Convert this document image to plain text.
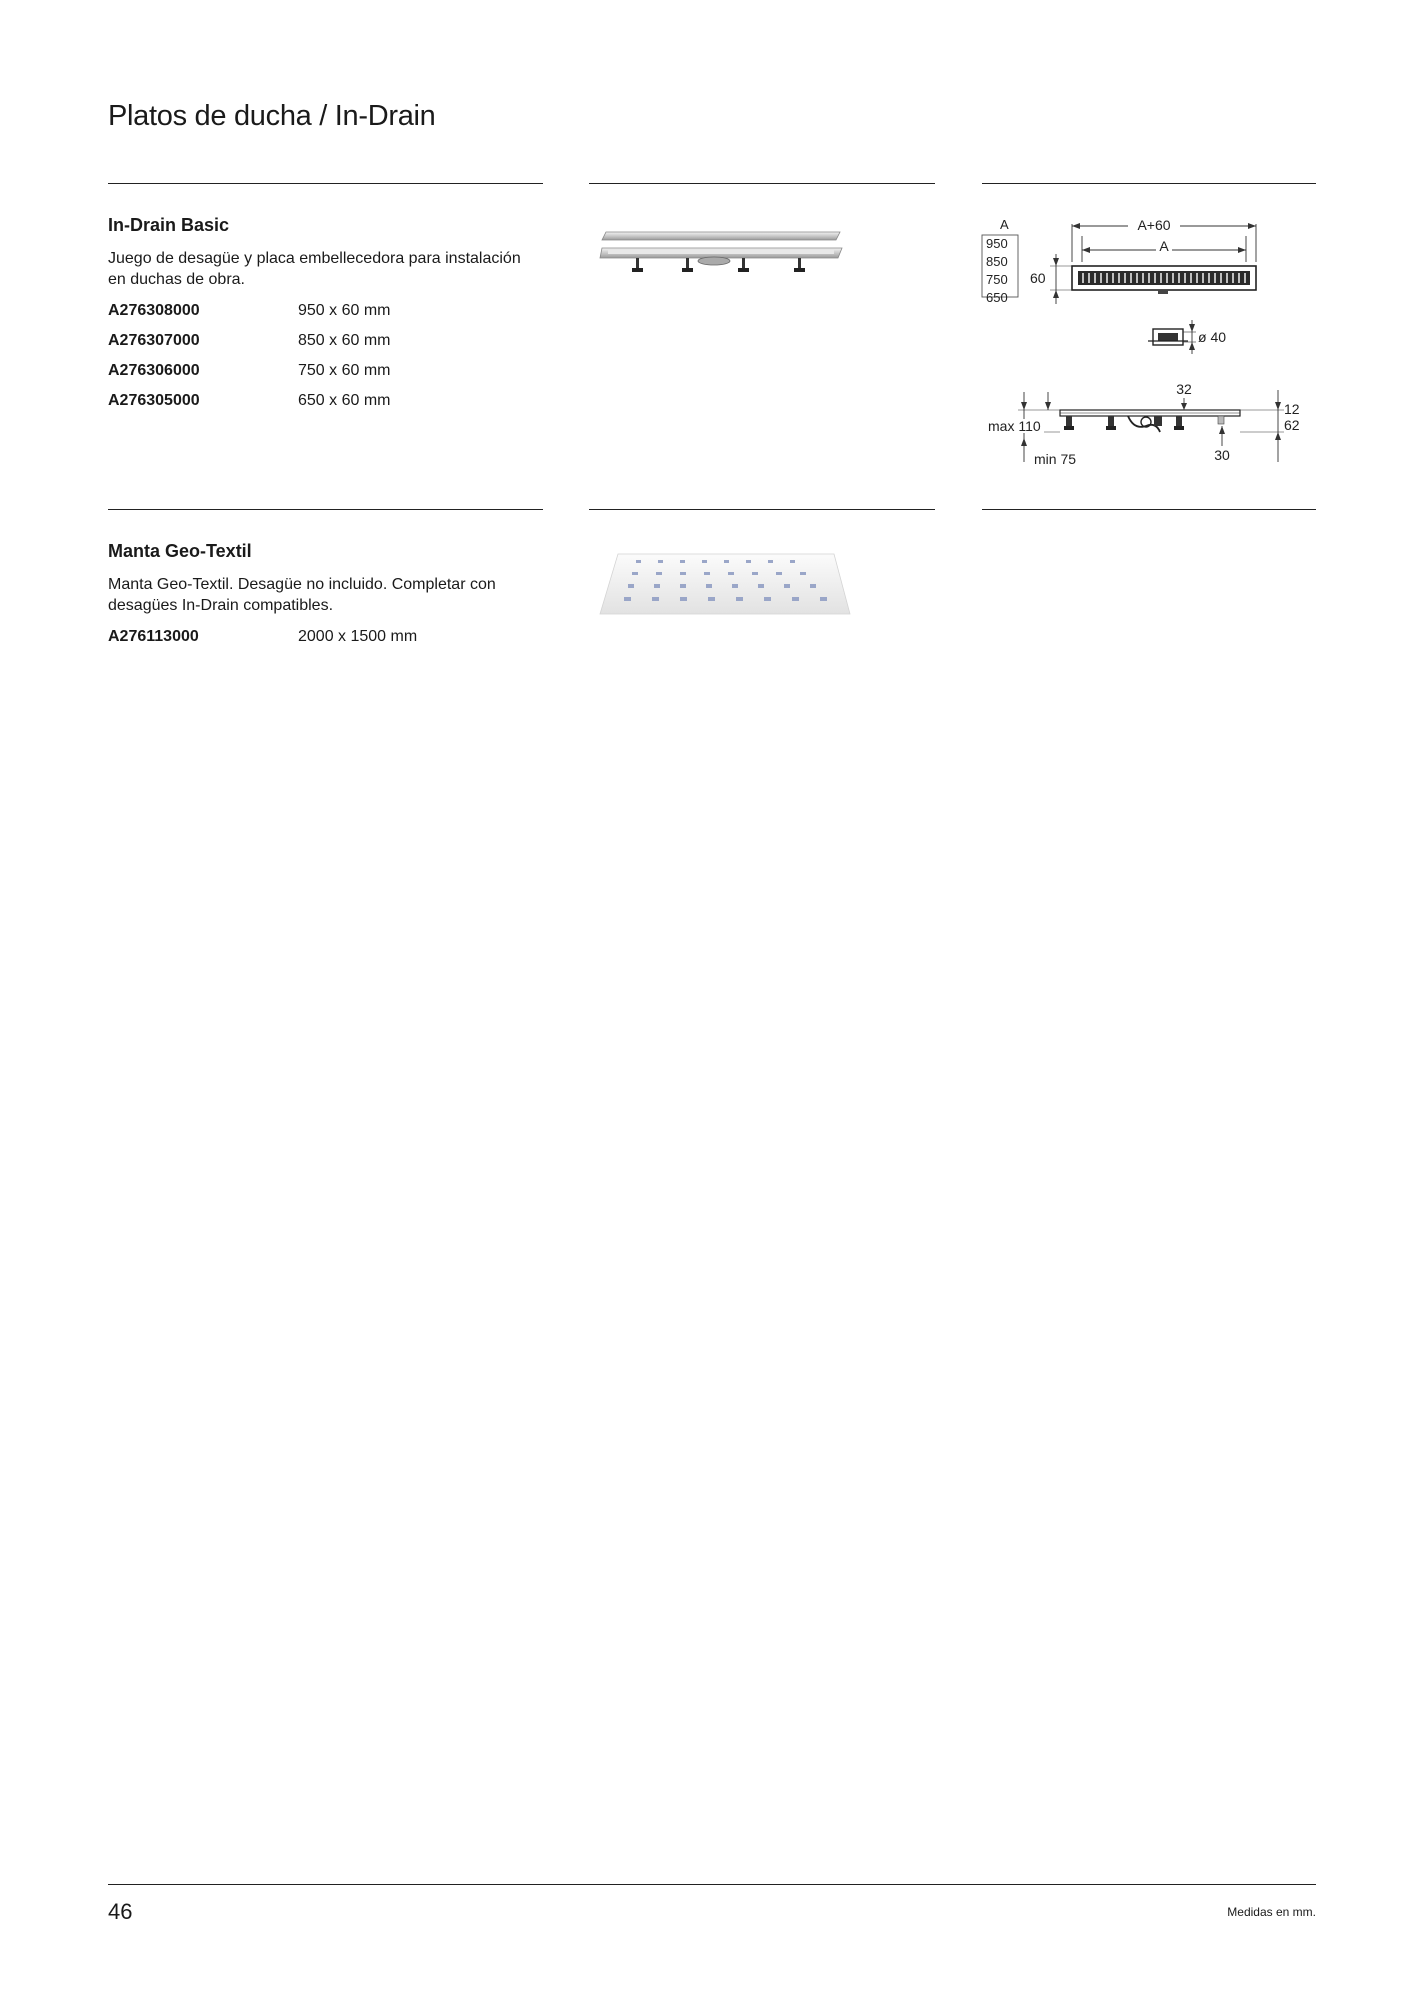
Platos de ducha / In-Drain
In-Drain Basic
Juego de desagüe y placa embellecedora para instalación en duchas de obra.
A276308000	950 x 60 mm
A276307000	850 x 60 mm
A276306000	750 x 60 mm
A276305000	650 x 60 mm
A
950
850
750
650
A+60
A
60
ø 40
32
max 110
min 75
12
62
30
Manta Geo-Textil
Manta Geo-Textil. Desagüe no incluido. Completar con desagües In-Drain compatibles.
A276113000	2000 x 1500 mm
46	Medidas en mm.
